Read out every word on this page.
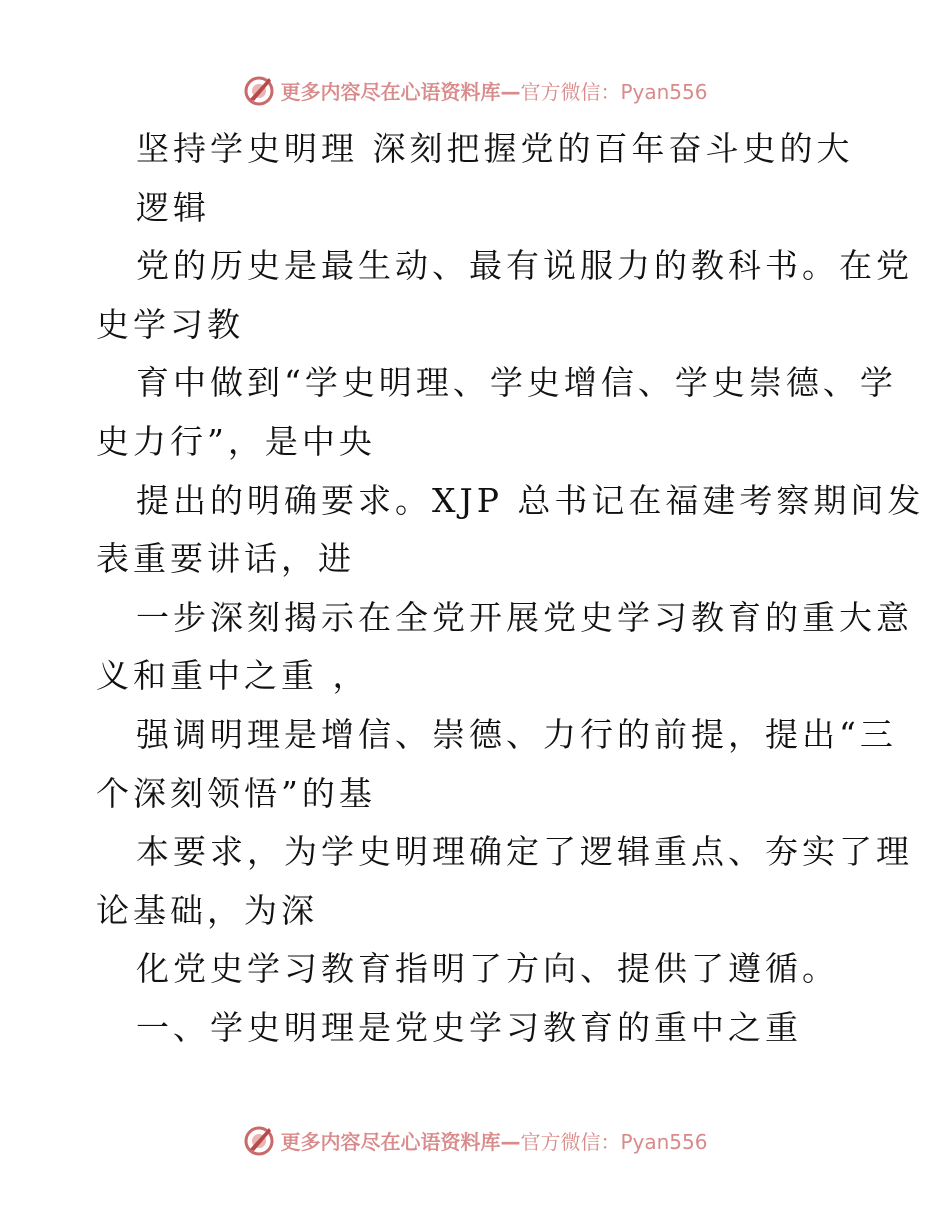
更多内容尽在心语资料库—官方微信：Pyan556
坚持学史明理 深刻把握党的百年奋斗史的大
逻辑
党的历史是最生动、最有说服力的教科书。在党
史学习教
育中做到“学史明理、学史增信、学史崇德、学
史力行”，是中央
提出的明确要求。XJP 总书记在福建考察期间发
表重要讲话，进
一步深刻揭示在全党开展党史学习教育的重大意
义和重中之重 ，
强调明理是增信、崇德、力行的前提，提出“三
个深刻领悟”的基
本要求，为学史明理确定了逻辑重点、夯实了理
论基础，为深
化党史学习教育指明了方向、提供了遵循。
一、学史明理是党史学习教育的重中之重
更多内容尽在心语资料库—官方微信：Pyan556
